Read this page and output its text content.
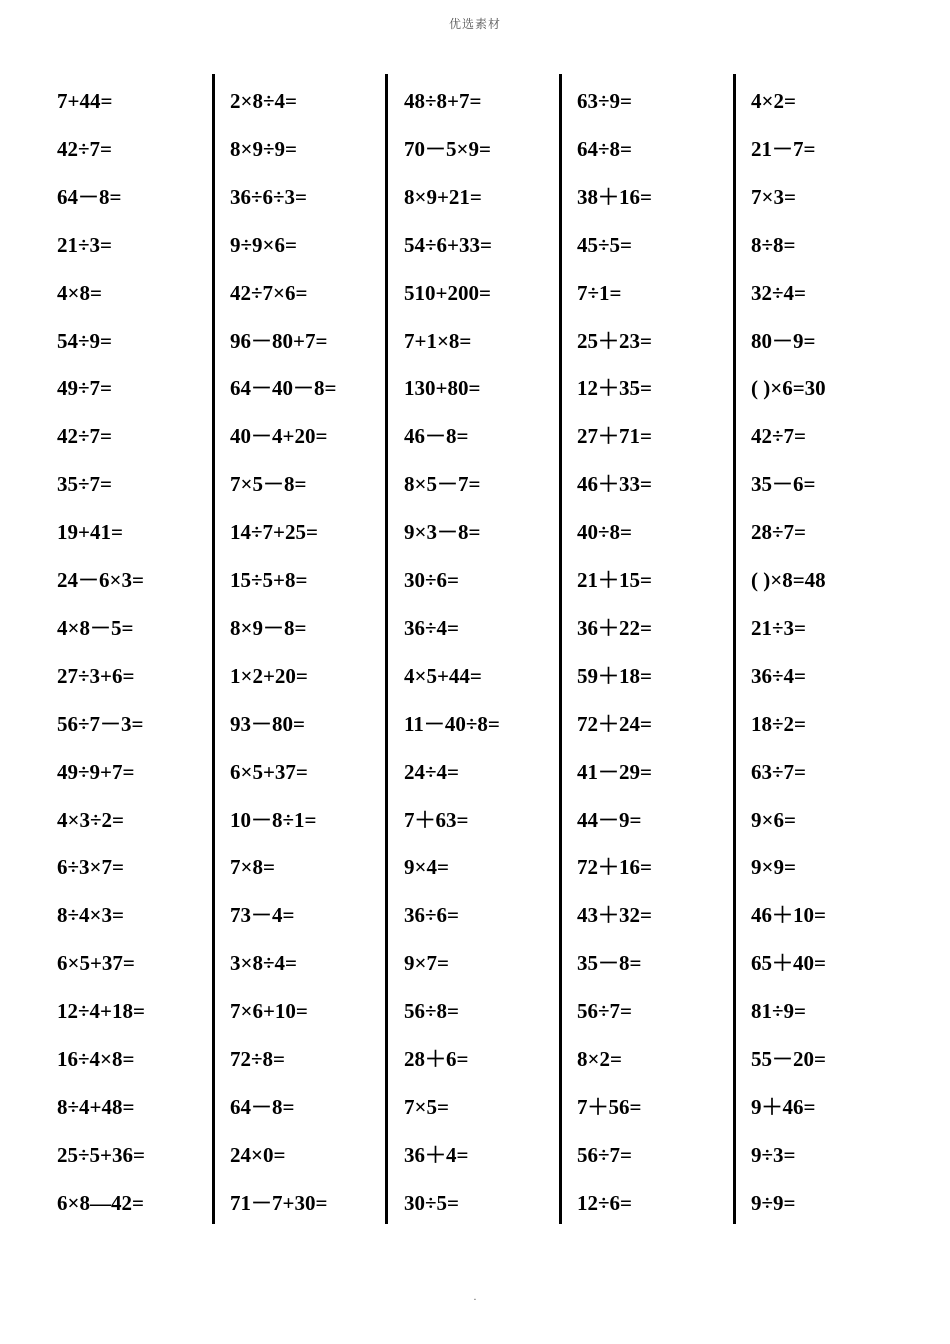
优选素材
7+44=
42÷7=
64－8=
21÷3=
4×8=
54÷9=
49÷7=
42÷7=
35÷7=
19+41=
24－6×3=
4×8－5=
27÷3+6=
56÷7－3=
49÷9+7=
4×3÷2=
6÷3×7=
8÷4×3=
6×5+37=
12÷4+18=
16÷4×8=
8÷4+48=
25÷5+36=
6×8—42=
2×8÷4=
8×9÷9=
36÷6÷3=
9÷9×6=
42÷7×6=
96－80+7=
64－40－8=
40－4+20=
7×5－8=
14÷7+25=
15÷5+8=
8×9－8=
1×2+20=
93－80=
6×5+37=
10－8÷1=
7×8=
73－4=
3×8÷4=
7×6+10=
72÷8=
64－8=
24×0=
71－7+30=
48÷8+7=
70－5×9=
8×9+21=
54÷6+33=
510+200=
7+1×8=
130+80=
46－8=
8×5－7=
9×3－8=
30÷6=
36÷4=
4×5+44=
11－40÷8=
24÷4=
7＋63=
9×4=
36÷6=
9×7=
56÷8=
28＋6=
7×5=
36＋4=
30÷5=
63÷9=
64÷8=
38＋16=
45÷5=
7÷1=
25＋23=
12＋35=
27＋71=
46＋33=
40÷8=
21＋15=
36＋22=
59＋18=
72＋24=
41－29=
44－9=
72＋16=
43＋32=
35－8=
56÷7=
8×2=
7＋56=
56÷7=
12÷6=
4×2=
21－7=
7×3=
8÷8=
32÷4=
80－9=
( )×6=30
42÷7=
35－6=
28÷7=
( )×8=48
21÷3=
36÷4=
18÷2=
63÷7=
9×6=
9×9=
46＋10=
65＋40=
81÷9=
55－20=
9＋46=
9÷3=
9÷9=
.
